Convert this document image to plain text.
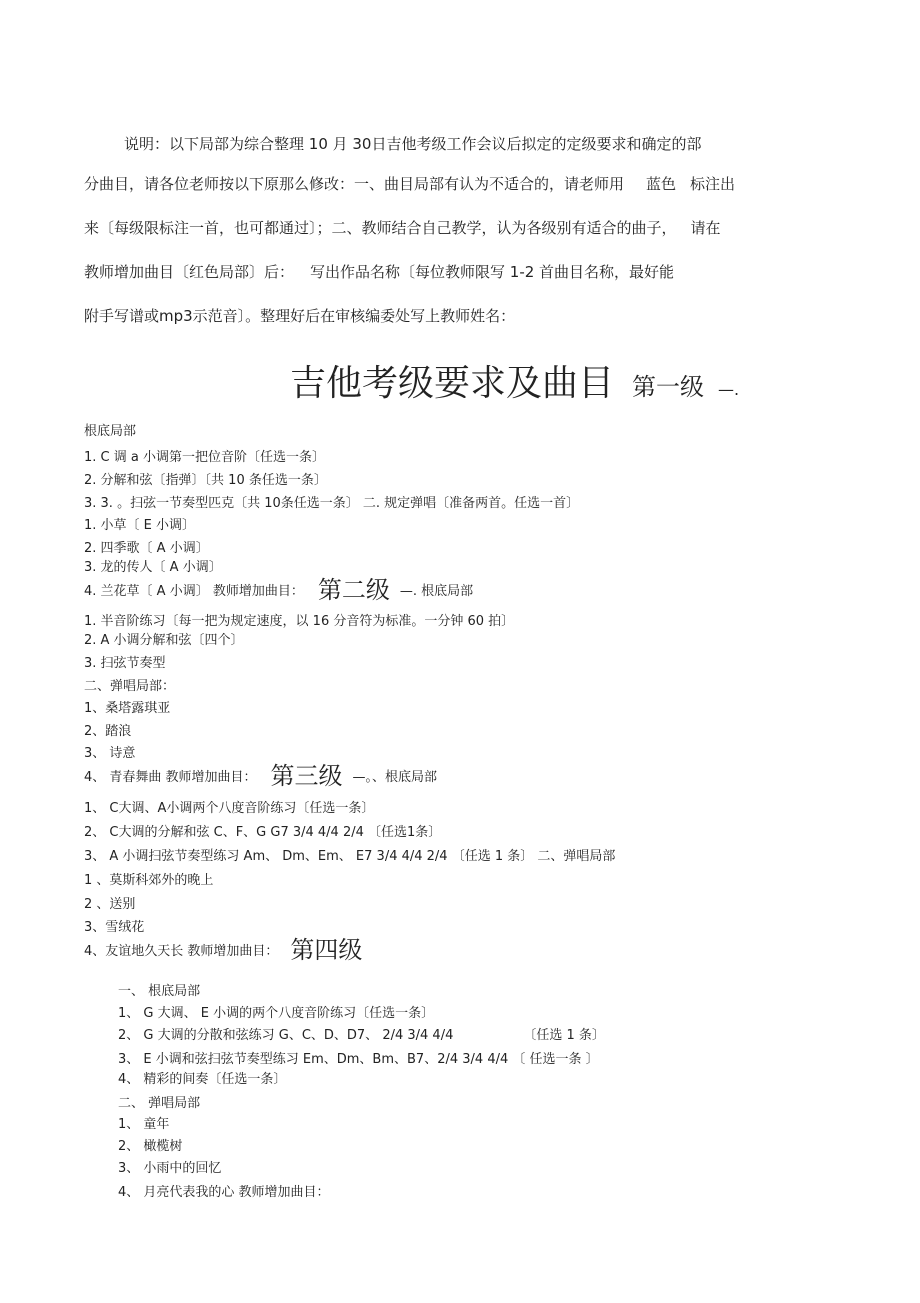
说明：以下局部为综合整理 10 月 30日吉他考级工作会议后拟定的定级要求和确定的部
分曲目，请各位老师按以下原那么修改：一、曲目局部有认为不适合的，请老师用 蓝色 标注出
来〔每级限标注一首，也可都通过〕；二、教师结合自己教学，认为各级别有适合的曲子， 请在
教师增加曲目〔红色局部〕后： 写出作品名称〔每位教师限写 1-2 首曲目名称，最好能
附手写谱或mp3示范音〕。整理好后在审核编委处写上教师姓名：
吉他考级要求及曲目 第一级 —.
根底局部
1. C 调 a 小调第一把位音阶〔任选一条〕
2. 分解和弦〔指弹〕〔共 10 条任选一条〕
3. 3. 。扫弦一节奏型匹克〔共 10条任选一条〕 二. 规定弹唱〔准备两首。任选一首〕
1. 小草〔 E 小调〕
2. 四季歌〔 A 小调〕
3. 龙的传人〔 A 小调〕
4. 兰花草〔 A 小调〕 教师增加曲目： 第二级 —. 根底局部
1. 半音阶练习〔每一把为规定速度，以 16 分音符为标准。一分钟 60 拍〕
2. A 小调分解和弦〔四个〕
3. 扫弦节奏型
二、弹唱局部：
1、桑塔露琪亚
2、踏浪
3、 诗意
4、 青春舞曲 教师增加曲目： 第三级 —。、根底局部
1、 C大调、A小调两个八度音阶练习〔任选一条〕
2、 C大调的分解和弦 C、F、G G7 3/4 4/4 2/4 〔任选1条〕
3、 A 小调扫弦节奏型练习 Am、 Dm、Em、 E7 3/4 4/4 2/4 〔任选 1 条〕 二、弹唱局部
1 、莫斯科郊外的晚上
2 、送别
3、雪绒花
4、友谊地久天长 教师增加曲目： 第四级
一、 根底局部
1、 G 大调、 E 小调的两个八度音阶练习〔任选一条〕
2、 G 大调的分散和弦练习 G、C、D、D7、 2/4 3/4 4/4	〔任选 1 条〕
3、 E 小调和弦扫弦节奏型练习 Em、Dm、Bm、B7、2/4 3/4 4/4 〔 任选一条 〕
4、 精彩的间奏〔任选一条〕
二、 弹唱局部
1、 童年
2、 橄榄树
3、 小雨中的回忆
4、 月亮代表我的心 教师增加曲目：
